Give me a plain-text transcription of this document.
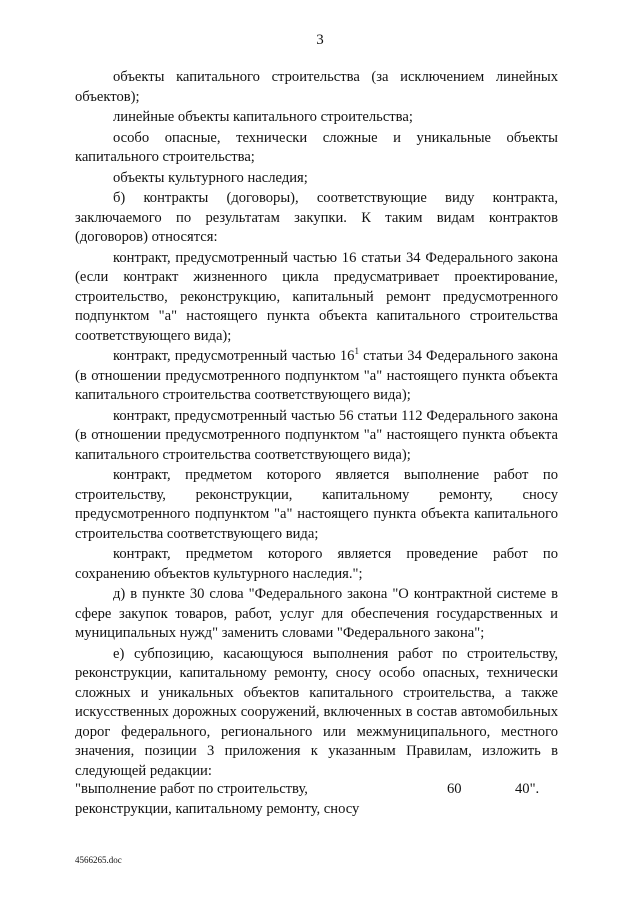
3

объекты капитального строительства (за исключением линейных объектов);

линейные объекты капитального строительства;

особо опасные, технически сложные и уникальные объекты капитального строительства;

объекты культурного наследия;

б) контракты (договоры), соответствующие виду контракта, заключаемого по результатам закупки. К таким видам контрактов (договоров) относятся:

контракт, предусмотренный частью 16 статьи 34 Федерального закона (если контракт жизненного цикла предусматривает проектирование, строительство, реконструкцию, капитальный ремонт предусмотренного подпунктом "а" настоящего пункта объекта капитального строительства соответствующего вида);

контракт, предусмотренный частью $16^1$ статьи 34 Федерального закона (в отношении предусмотренного подпунктом "а" настоящего пункта объекта капитального строительства соответствующего вида);

контракт, предусмотренный частью 56 статьи 112 Федерального закона (в отношении предусмотренного подпунктом "а" настоящего пункта объекта капитального строительства соответствующего вида);

контракт, предметом которого является выполнение работ по строительству, реконструкции, капитальному ремонту, сносу предусмотренного подпунктом "а" настоящего пункта объекта капитального строительства соответствующего вида;

контракт, предметом которого является проведение работ по сохранению объектов культурного наследия.";

д) в пункте 30 слова "Федерального закона "О контрактной системе в сфере закупок товаров, работ, услуг для обеспечения государственных и муниципальных нужд" заменить словами "Федерального закона";

е) субпозицию, касающуюся выполнения работ по строительству, реконструкции, капитальному ремонту, сносу особо опасных, технически сложных и уникальных объектов капитального строительства, а также искусственных дорожных сооружений, включенных в состав автомобильных дорог федерального, регионального или межмуниципального, местного значения, позиции 3 приложения к указанным Правилам, изложить в следующей редакции:

"выполнение работ по строительству, реконструкции, капитальному ремонту, сносу
60	40".
4566265.doc
